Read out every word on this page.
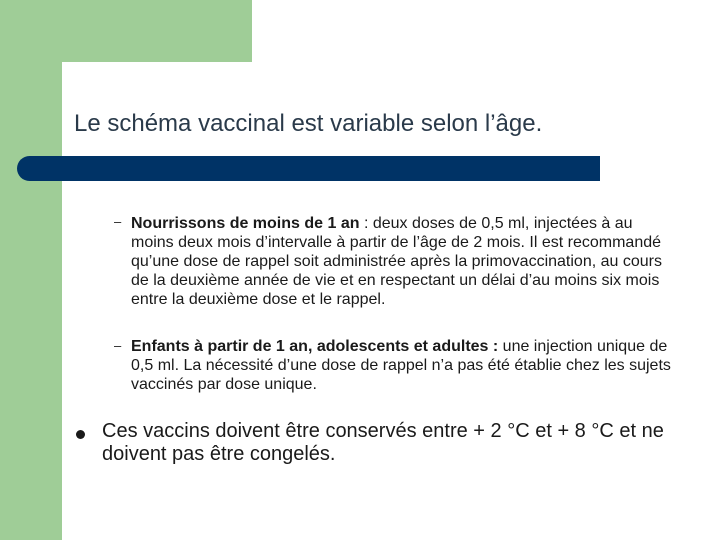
Le schéma vaccinal est variable selon l’âge.
– Nourrissons de moins de 1 an : deux doses de 0,5 ml, injectées à au moins deux mois d’intervalle à partir de l’âge de 2 mois. Il est recommandé qu’une dose de rappel soit administrée après la primovaccination, au cours de la deuxième année de vie et en respectant un délai d’au moins six mois entre la deuxième dose et le rappel.
– Enfants à partir de 1 an, adolescents et adultes : une injection unique de 0,5 ml. La nécessité d’une dose de rappel n’a pas été établie chez les sujets vaccinés par dose unique.
Ces vaccins doivent être conservés entre + 2 °C et + 8 °C et ne doivent pas être congelés.
